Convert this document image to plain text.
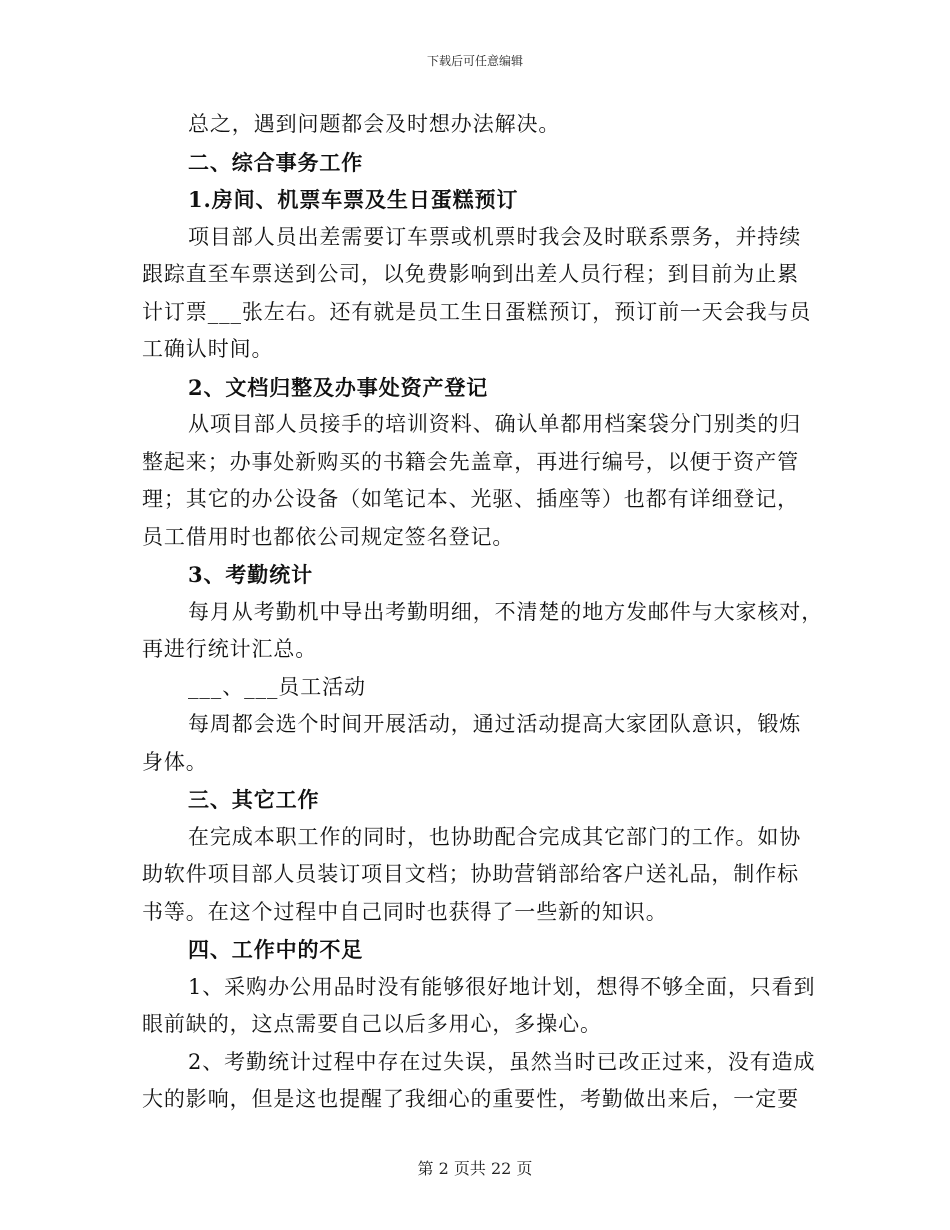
下载后可任意编辑
总之，遇到问题都会及时想办法解决。
二、综合事务工作
1.房间、机票车票及生日蛋糕预订
项目部人员出差需要订车票或机票时我会及时联系票务，并持续
跟踪直至车票送到公司，以免费影响到出差人员行程；到目前为止累
计订票___张左右。还有就是员工生日蛋糕预订，预订前一天会我与员
工确认时间。
2、文档归整及办事处资产登记
从项目部人员接手的培训资料、确认单都用档案袋分门别类的归
整起来；办事处新购买的书籍会先盖章，再进行编号，以便于资产管
理；其它的办公设备（如笔记本、光驱、插座等）也都有详细登记，
员工借用时也都依公司规定签名登记。
3、考勤统计
每月从考勤机中导出考勤明细，不清楚的地方发邮件与大家核对，
再进行统计汇总。
___、___员工活动
每周都会选个时间开展活动，通过活动提高大家团队意识，锻炼
身体。
三、其它工作
在完成本职工作的同时，也协助配合完成其它部门的工作。如协
助软件项目部人员装订项目文档；协助营销部给客户送礼品，制作标
书等。在这个过程中自己同时也获得了一些新的知识。
四、工作中的不足
1、采购办公用品时没有能够很好地计划，想得不够全面，只看到
眼前缺的，这点需要自己以后多用心，多操心。
2、考勤统计过程中存在过失误，虽然当时已改正过来，没有造成
大的影响，但是这也提醒了我细心的重要性，考勤做出来后，一定要
第 2 页共 22 页
